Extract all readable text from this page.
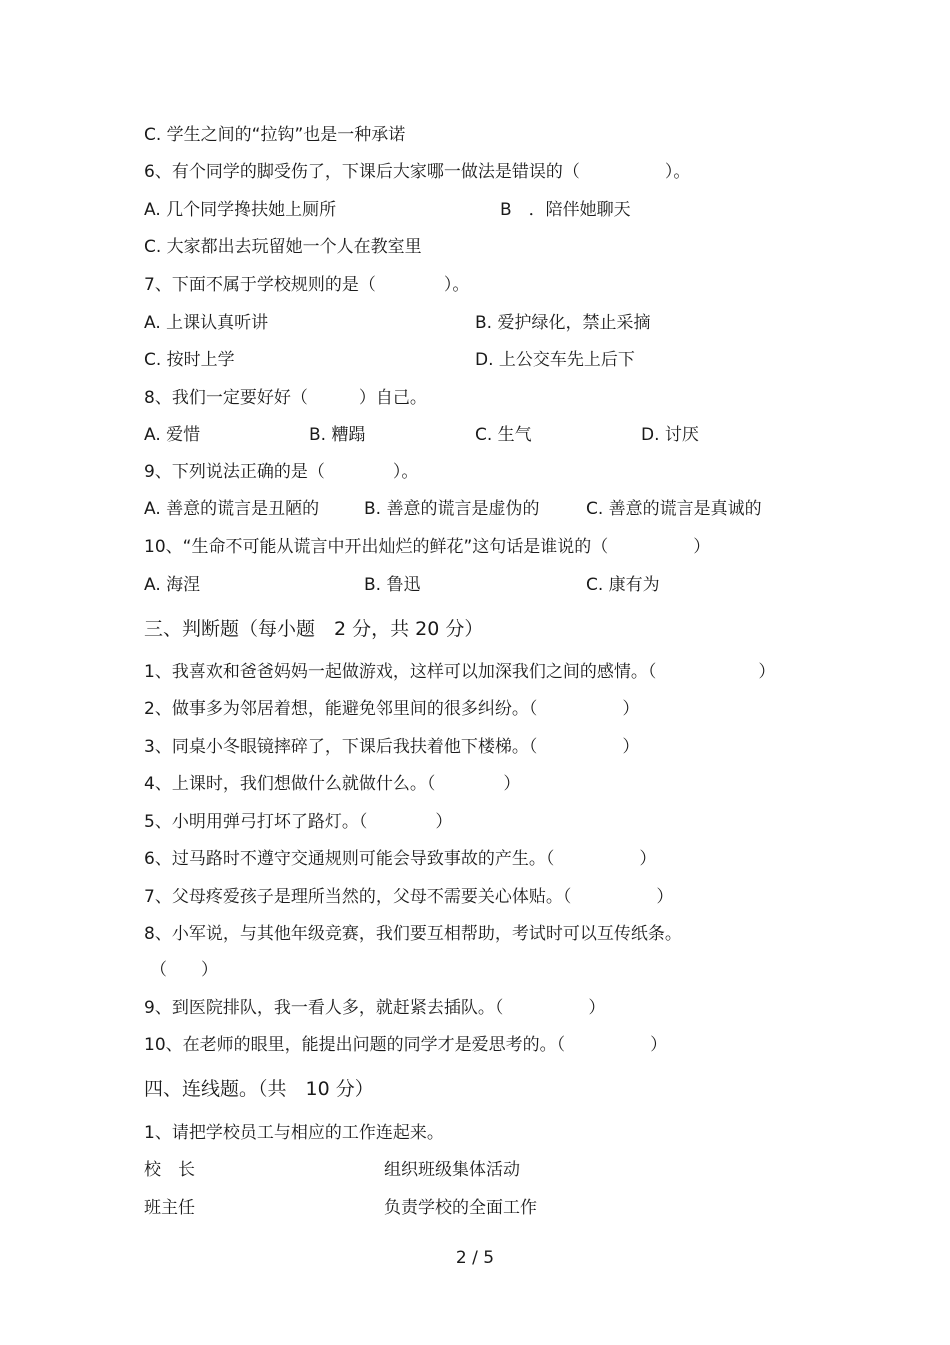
C. 学生之间的“拉钩”也是一种承诺
6、有个同学的脚受伤了，下课后大家哪一做法是错误的（　　　　　）。
A. 几个同学搀扶她上厕所	B　．陪伴她聊天
C. 大家都出去玩留她一个人在教室里
7、下面不属于学校规则的是（　　　　）。
A. 上课认真听讲	B. 爱护绿化，禁止采摘
C. 按时上学	D. 上公交车先上后下
8、我们一定要好好（　　　）自己。
A. 爱惜	B. 糟蹋	C. 生气	D. 讨厌
9、下列说法正确的是（　　　　）。
A. 善意的谎言是丑陋的	B. 善意的谎言是虚伪的	C. 善意的谎言是真诚的
10、“生命不可能从谎言中开出灿烂的鲜花”这句话是谁说的（　　　　　）
A. 海涅	B. 鲁迅	C. 康有为
三、判断题（每小题　2 分，共 20 分）
1、我喜欢和爸爸妈妈一起做游戏，这样可以加深我们之间的感情。（　　　　　　）
2、做事多为邻居着想，能避免邻里间的很多纠纷。（　　　　　）
3、同桌小冬眼镜摔碎了，下课后我扶着他下楼梯。（　　　　　）
4、上课时，我们想做什么就做什么。（　　　　）
5、小明用弹弓打坏了路灯。（　　　　）
6、过马路时不遵守交通规则可能会导致事故的产生。（　　　　　）
7、父母疼爱孩子是理所当然的，父母不需要关心体贴。（　　　　　）
8、小军说，与其他年级竞赛，我们要互相帮助，考试时可以互传纸条。
（　　）
9、到医院排队，我一看人多，就赶紧去插队。（　　　　　）
10、在老师的眼里，能提出问题的同学才是爱思考的。（　　　　　）
四、连线题。（共　10 分）
1、请把学校员工与相应的工作连起来。
校　长	组织班级集体活动
班主任	负责学校的全面工作
2 / 5
